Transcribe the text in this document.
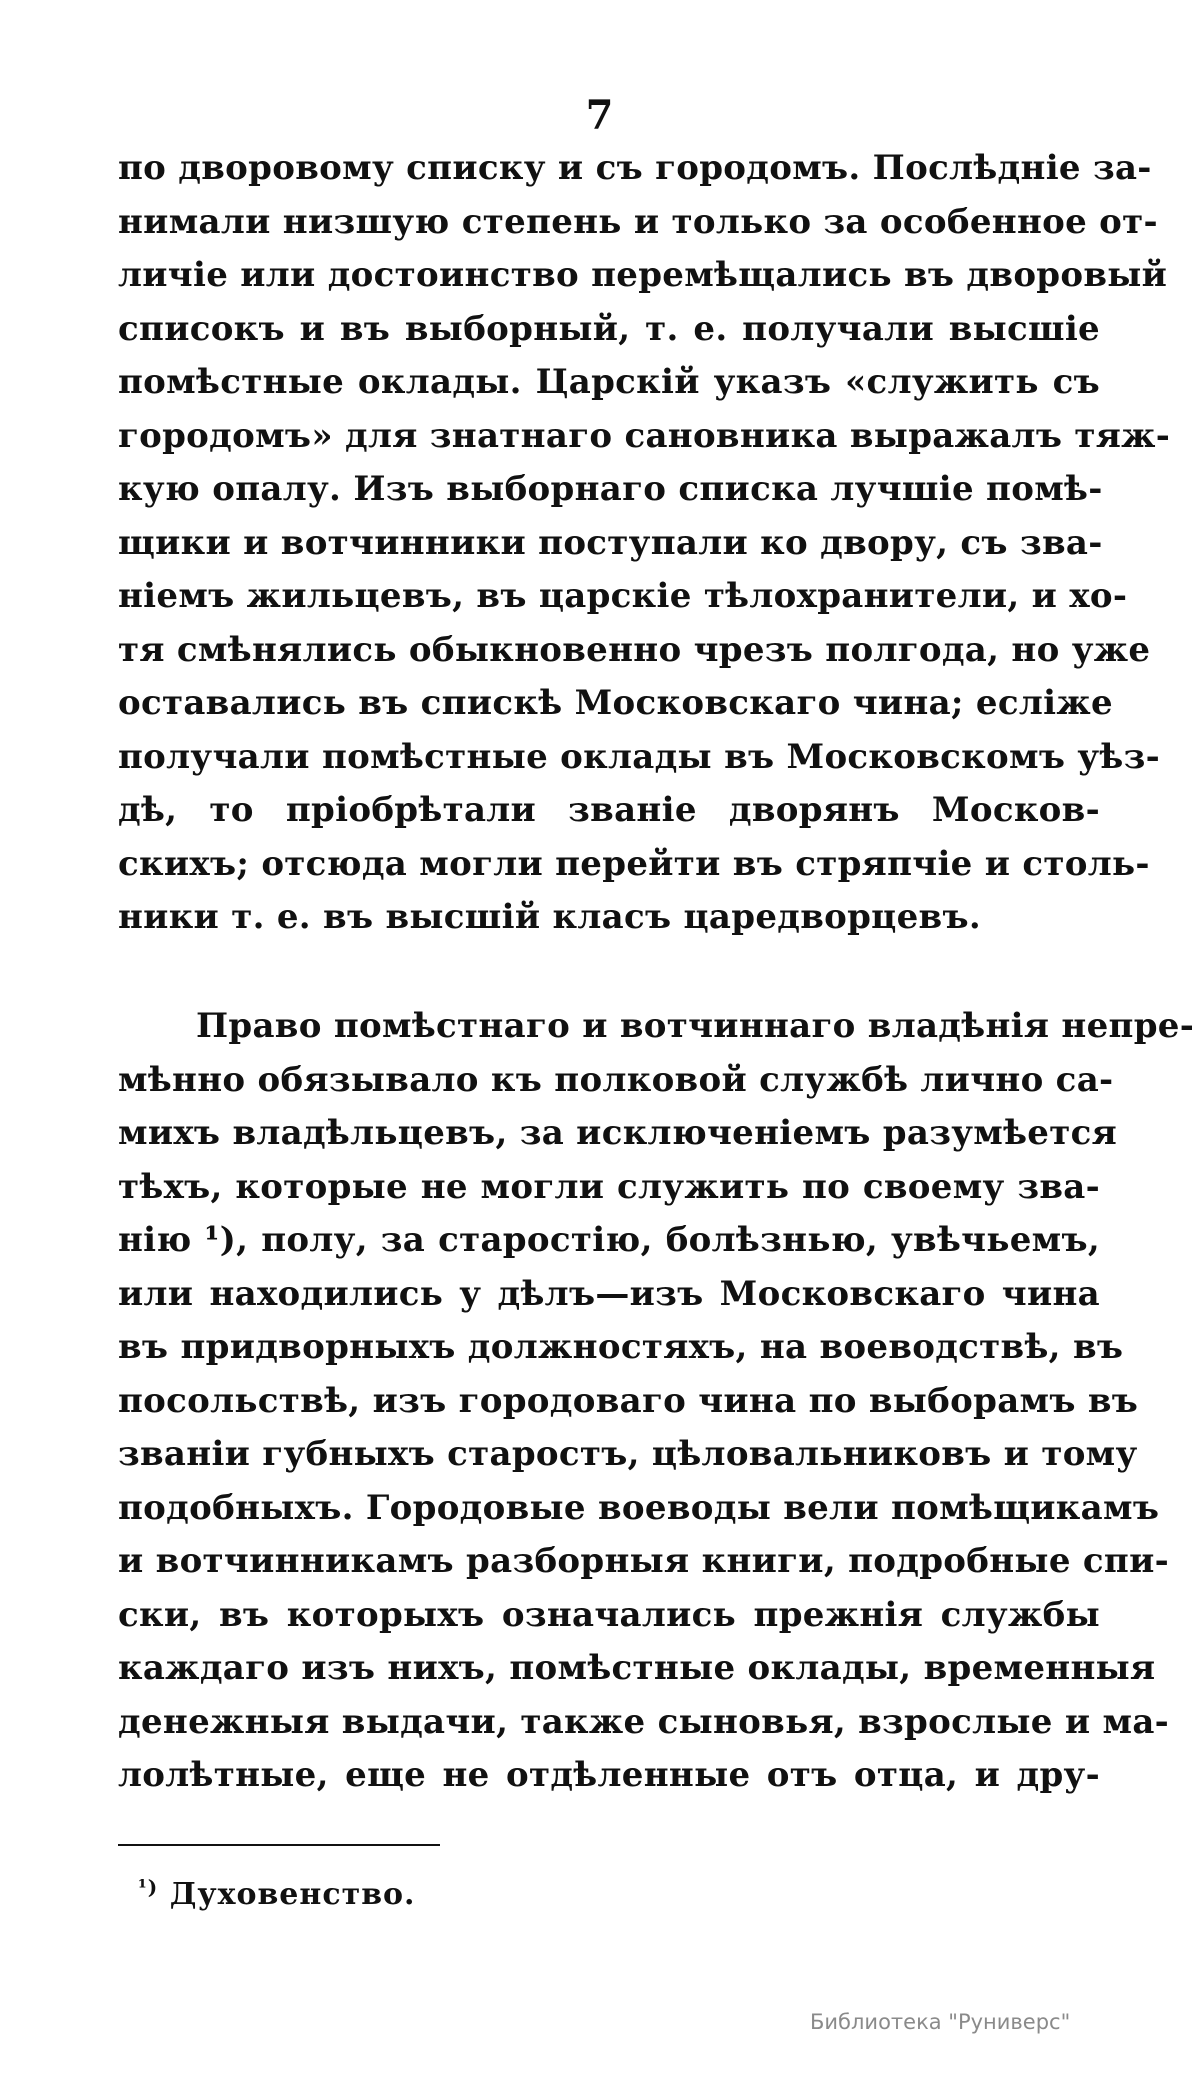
7
по дворовому списку и съ городомъ. Послѣдніе за-
нимали низшую степень и только за особенное от-
личіе или достоинство перемѣщались въ дворовый
списокъ и въ выборный, т. е. получали высшіе
помѣстные оклады. Царскій указъ «служить съ
городомъ» для знатнаго сановника выражалъ тяж-
кую опалу. Изъ выборнаго списка лучшіе помѣ-
щики и вотчинники поступали ко двору, съ зва-
ніемъ жильцевъ, въ царскіе тѣлохранители, и хо-
тя смѣнялись обыкновенно чрезъ полгода, но уже
оставались въ спискѣ Московскаго чина; есліже
получали помѣстные оклады въ Московскомъ уѣз-
дѣ, то пріобрѣтали званіе дворянъ Москов-
скихъ; отсюда могли перейти въ стряпчіе и столь-
ники т. е. въ высшій класъ царедворцевъ.
Право помѣстнаго и вотчиннаго владѣнія непре-
мѣнно обязывало къ полковой службѣ лично са-
михъ владѣльцевъ, за исключеніемъ разумѣется
тѣхъ, которые не могли служить по своему зва-
нію ¹), полу, за старостію, болѣзнью, увѣчьемъ,
или находились у дѣлъ—изъ Московскаго чина
въ придворныхъ должностяхъ, на воеводствѣ, въ
посольствѣ, изъ городоваго чина по выборамъ въ
званіи губныхъ старостъ, цѣловальниковъ и тому
подобныхъ. Городовые воеводы вели помѣщикамъ
и вотчинникамъ разборныя книги, подробные спи-
ски, въ которыхъ означались прежнія службы
каждаго изъ нихъ, помѣстные оклады, временныя
денежныя выдачи, также сыновья, взрослые и ма-
лолѣтные, еще не отдѣленные отъ отца, и дру-
$^{^1)}$ Духовенство.
Библиотека "Руниверс"
